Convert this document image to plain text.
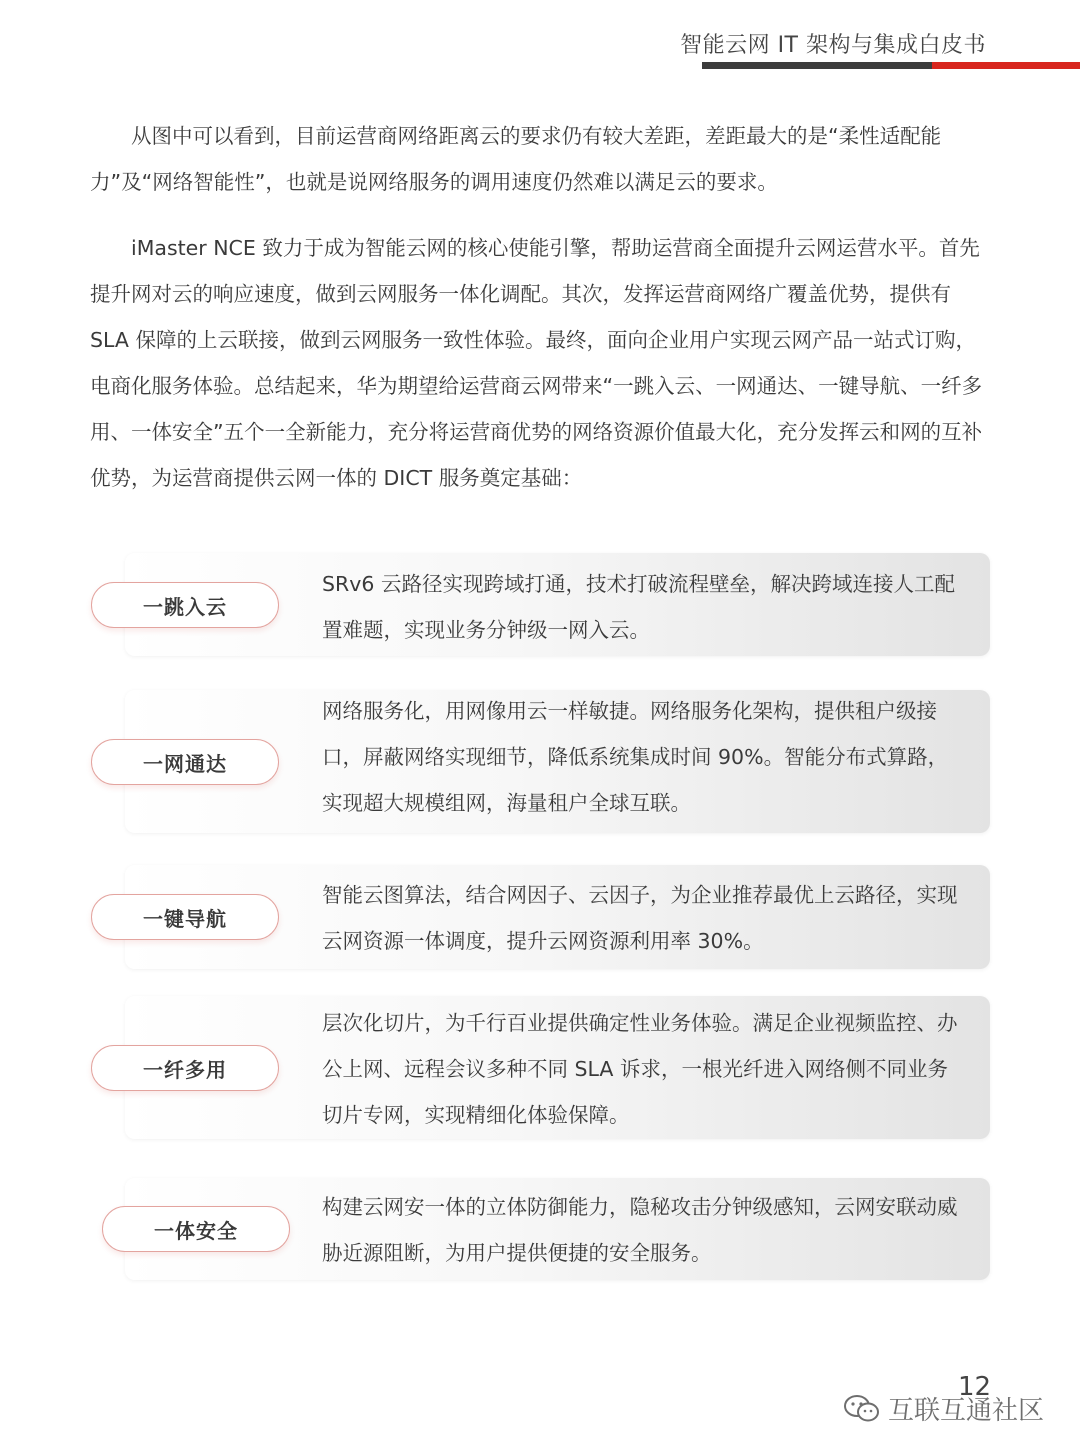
智能云网 IT 架构与集成白皮书

从图中可以看到，目前运营商网络距离云的要求仍有较大差距，差距最大的是“柔性适配能力”及“网络智能性”，也就是说网络服务的调用速度仍然难以满足云的要求。

iMaster NCE 致力于成为智能云网的核心使能引擎，帮助运营商全面提升云网运营水平。首先提升网对云的响应速度，做到云网服务一体化调配。其次，发挥运营商网络广覆盖优势，提供有 SLA 保障的上云联接，做到云网服务一致性体验。最终，面向企业用户实现云网产品一站式订购，电商化服务体验。总结起来，华为期望给运营商云网带来“一跳入云、一网通达、一键导航、一纤多用、一体安全”五个一全新能力，充分将运营商优势的网络资源价值最大化，充分发挥云和网的互补优势，为运营商提供云网一体的 DICT 服务奠定基础：

SRv6 云路径实现跨域打通，技术打破流程壁垒，解决跨域连接人工配置难题，实现业务分钟级一网入云。

一跳入云

网络服务化，用网像用云一样敏捷。网络服务化架构，提供租户级接口，屏蔽网络实现细节，降低系统集成时间 90%。智能分布式算路，实现超大规模组网，海量租户全球互联。

一网通达

智能云图算法，结合网因子、云因子，为企业推荐最优上云路径，实现云网资源一体调度，提升云网资源利用率 30%。

一键导航

层次化切片，为千行百业提供确定性业务体验。满足企业视频监控、办公上网、远程会议多种不同 SLA 诉求，一根光纤进入网络侧不同业务切片专网，实现精细化体验保障。

一纤多用

构建云网安一体的立体防御能力，隐秘攻击分钟级感知，云网安联动威胁近源阻断，为用户提供便捷的安全服务。

一体安全
12
互联互通社区
